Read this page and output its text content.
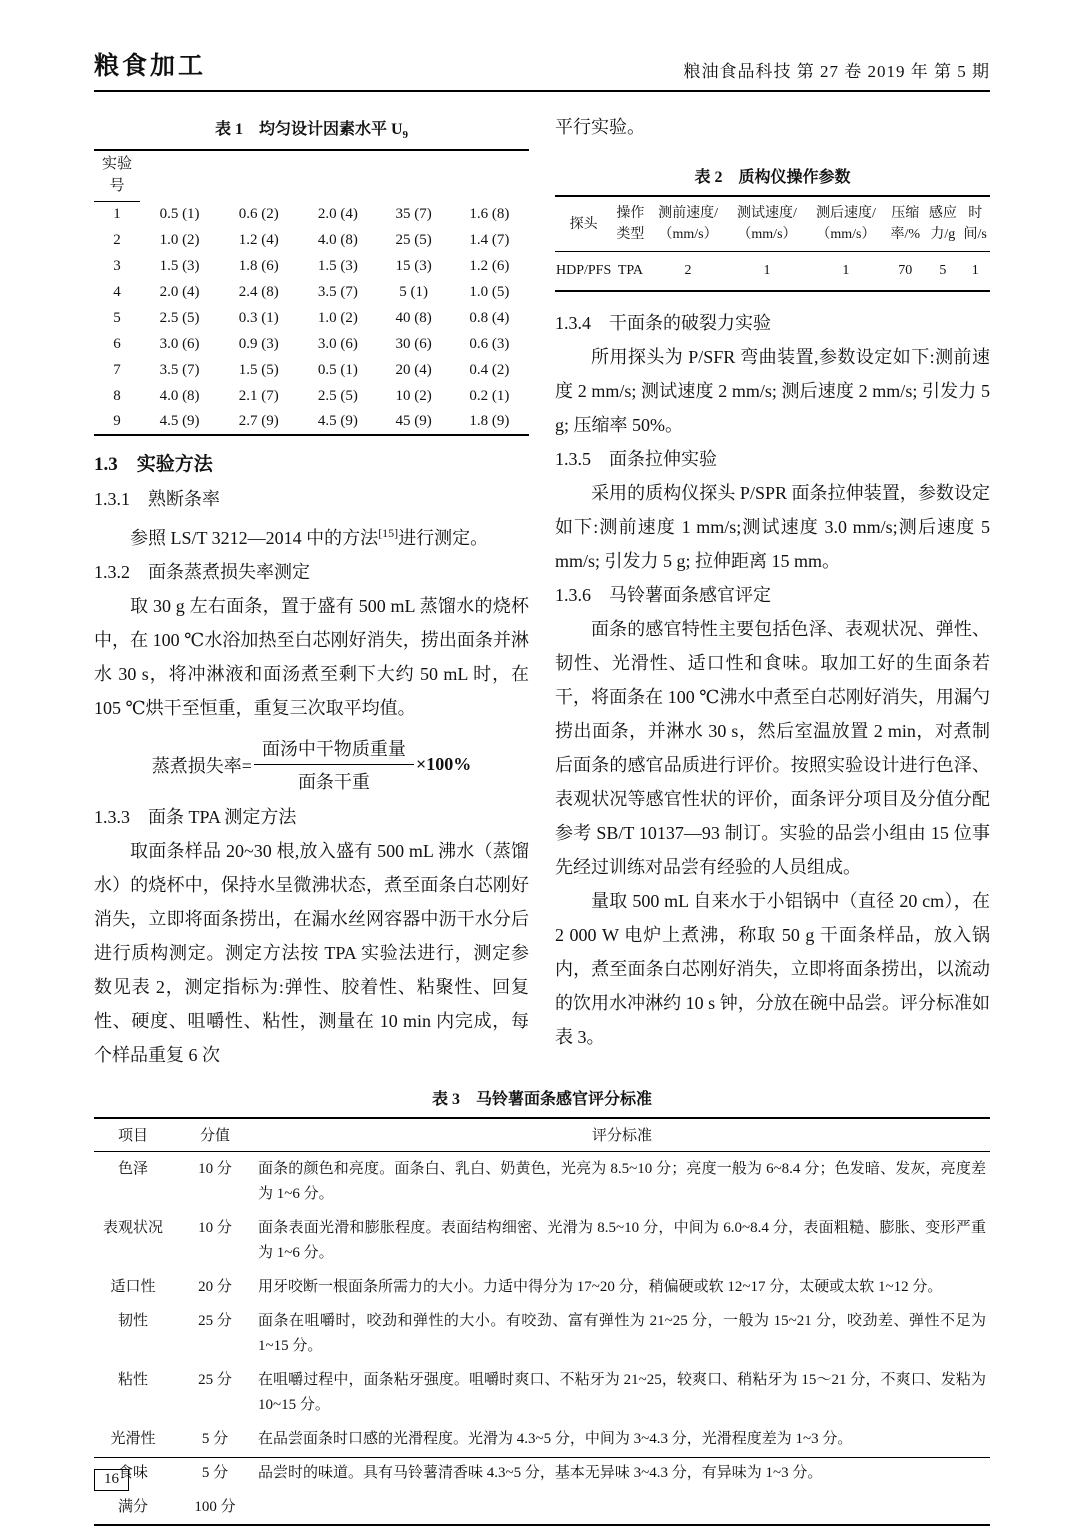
粮食加工	粮油食品科技 第 27 卷 2019 年 第 5 期
表 1　均匀设计因素水平 $U_9$
实验
号					

1	0.5 (1)	0.6 (2)	2.0 (4)	35 (7)	1.6 (8)
2	1.0 (2)	1.2 (4)	4.0 (8)	25 (5)	1.4 (7)
3	1.5 (3)	1.8 (6)	1.5 (3)	15 (3)	1.2 (6)
4	2.0 (4)	2.4 (8)	3.5 (7)	5 (1)	1.0 (5)
5	2.5 (5)	0.3 (1)	1.0 (2)	40 (8)	0.8 (4)
6	3.0 (6)	0.9 (3)	3.0 (6)	30 (6)	0.6 (3)
7	3.5 (7)	1.5 (5)	0.5 (1)	20 (4)	0.4 (2)
8	4.0 (8)	2.1 (7)	2.5 (5)	10 (2)	0.2 (1)
9	4.5 (9)	2.7 (9)	4.5 (9)	45 (9)	1.8 (9)
1.3　实验方法
1.3.1　熟断条率

参照 LS/T 3212—2014 中的方法[15]进行测定。

1.3.2　面条蒸煮损失率测定

取 30 g 左右面条，置于盛有 500 mL 蒸馏水的烧杯中，在 100 ℃水浴加热至白芯刚好消失，捞出面条并淋水 30 s，将冲淋液和面汤煮至剩下大约 50 mL 时，在 105 ℃烘干至恒重，重复三次取平均值。

蒸煮损失率= $\frac{\text{面汤中干物质重量}}{\text{面条干重}} \times 100\%$
1.3.3　面条 TPA 测定方法

取面条样品 20~30 根,放入盛有 500 mL 沸水（蒸馏水）的烧杯中，保持水呈微沸状态，煮至面条白芯刚好消失，立即将面条捞出，在漏水丝网容器中沥干水分后进行质构测定。测定方法按 TPA 实验法进行，测定参数见表 2，测定指标为:弹性、胶着性、粘聚性、回复性、硬度、咀嚼性、粘性，测量在 10 min 内完成，每个样品重复 6 次

平行实验。

表 2　质构仪操作参数
探头	操作类型	测前速度/（mm/s）	测试速度/（mm/s）	测后速度/（mm/s）	压缩率/%	感应力/g	时间/s
HDP/PFS	TPA	2	1	1	70	5	1
1.3.4　干面条的破裂力实验

所用探头为 P/SFR 弯曲装置,参数设定如下:测前速度 2 mm/s; 测试速度 2 mm/s; 测后速度 2 mm/s; 引发力 5 g; 压缩率 50%。

1.3.5　面条拉伸实验

采用的质构仪探头 P/SPR 面条拉伸装置，参数设定如下:测前速度 1 mm/s;测试速度 3.0 mm/s;测后速度 5 mm/s; 引发力 5 g; 拉伸距离 15 mm。

1.3.6　马铃薯面条感官评定

面条的感官特性主要包括色泽、表观状况、弹性、韧性、光滑性、适口性和食味。取加工好的生面条若干，将面条在 100 ℃沸水中煮至白芯刚好消失，用漏勺捞出面条，并淋水 30 s，然后室温放置 2 min，对煮制后面条的感官品质进行评价。按照实验设计进行色泽、表观状况等感官性状的评价，面条评分项目及分值分配参考 SB/T 10137—93 制订。实验的品尝小组由 15 位事先经过训练对品尝有经验的人员组成。

量取 500 mL 自来水于小铝锅中（直径 20 cm），在 2 000 W 电炉上煮沸，称取 50 g 干面条样品，放入锅内，煮至面条白芯刚好消失，立即将面条捞出，以流动的饮用水冲淋约 10 s 钟，分放在碗中品尝。评分标准如表 3。

表 3　马铃薯面条感官评分标准
项目	分值	评分标准
色泽	10 分	面条的颜色和亮度。面条白、乳白、奶黄色，光亮为 8.5~10 分；亮度一般为 6~8.4 分；色发暗、发灰，亮度差为 1~6 分。
表观状况	10 分	面条表面光滑和膨胀程度。表面结构细密、光滑为 8.5~10 分，中间为 6.0~8.4 分，表面粗糙、膨胀、变形严重为 1~6 分。
适口性	20 分	用牙咬断一根面条所需力的大小。力适中得分为 17~20 分，稍偏硬或软 12~17 分，太硬或太软 1~12 分。
韧性	25 分	面条在咀嚼时，咬劲和弹性的大小。有咬劲、富有弹性为 21~25 分，一般为 15~21 分，咬劲差、弹性不足为 1~15 分。
粘性	25 分	在咀嚼过程中，面条粘牙强度。咀嚼时爽口、不粘牙为 21~25，较爽口、稍粘牙为 15～21 分，不爽口、发粘为 10~15 分。
光滑性	5 分	在品尝面条时口感的光滑程度。光滑为 4.3~5 分，中间为 3~4.3 分，光滑程度差为 1~3 分。
食味	5 分	品尝时的味道。具有马铃薯清香味 4.3~5 分，基本无异味 3~4.3 分，有异味为 1~3 分。
满分	100 分	
16
